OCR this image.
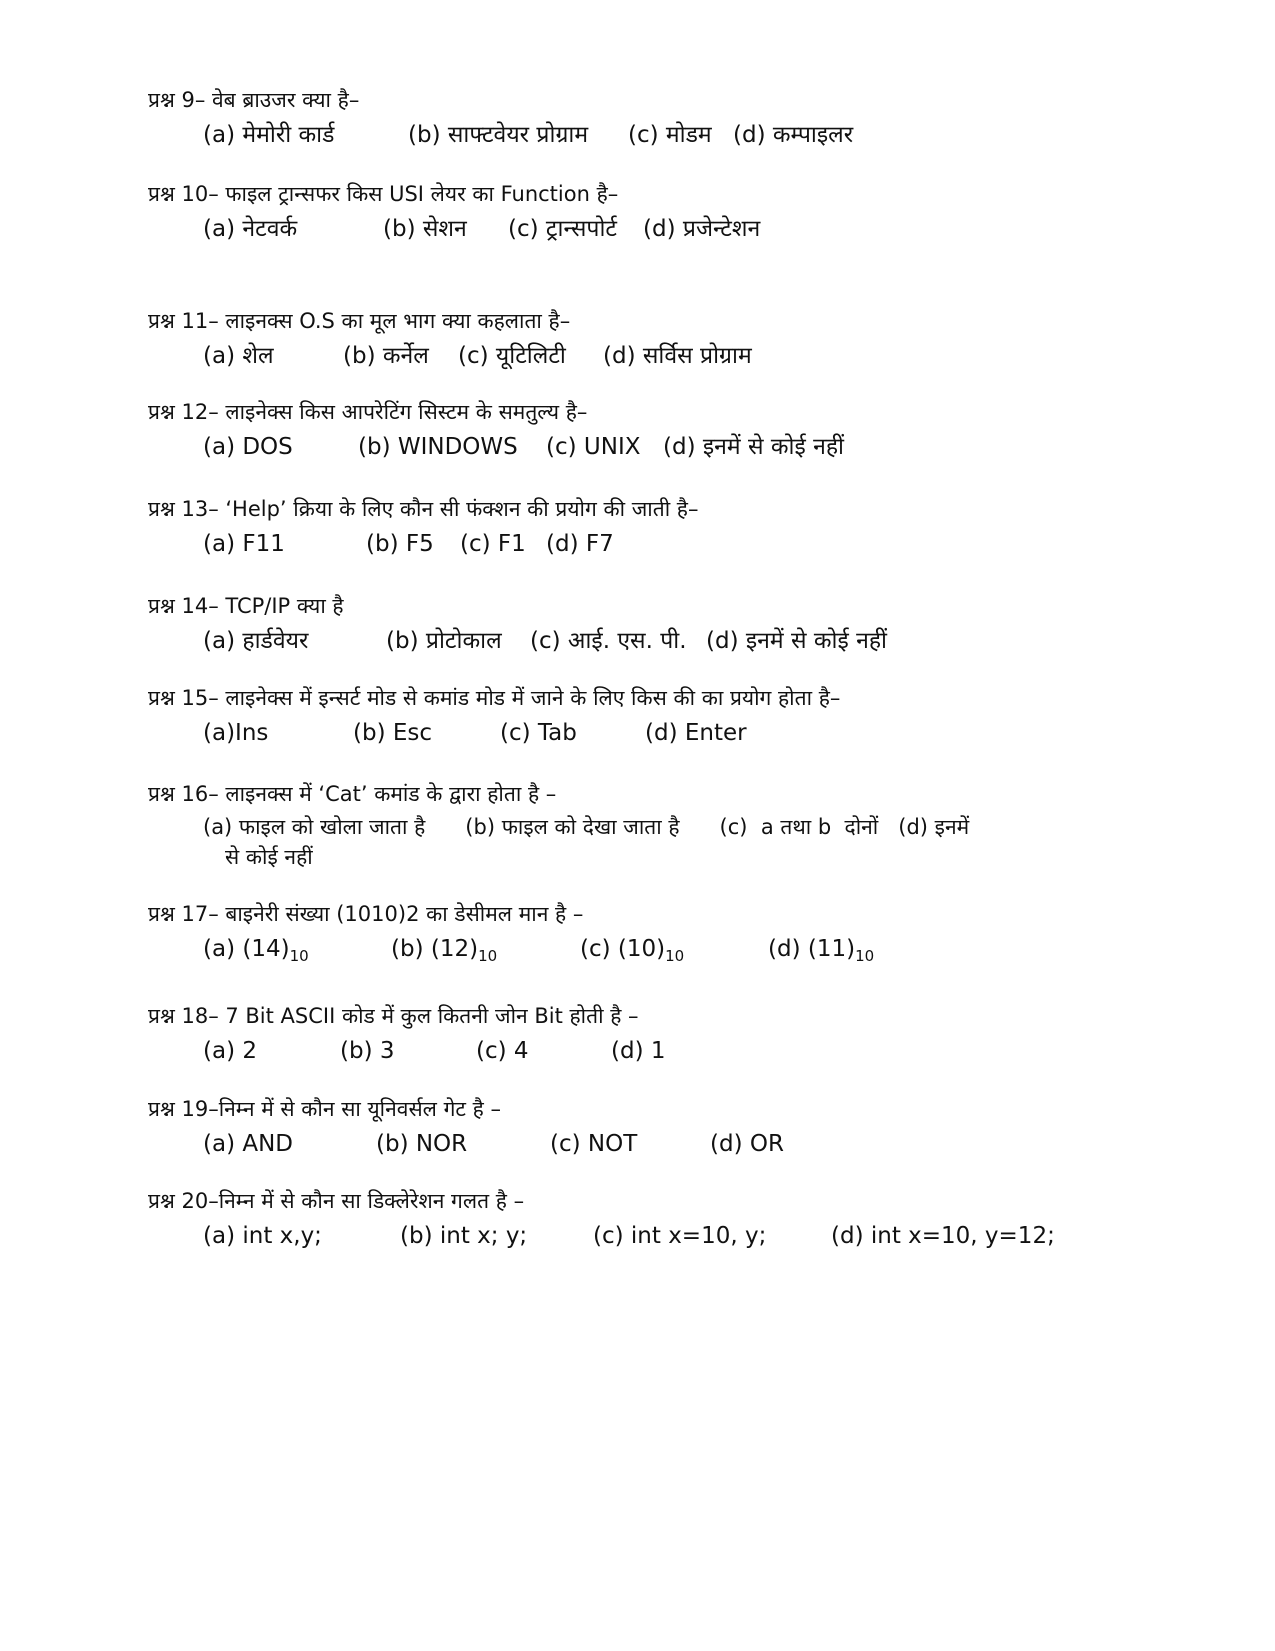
प्रश्न 9– वेब ब्राउजर क्या है–
(a) मेमोरी कार्ड	(b) साफ्टवेयर प्रोग्राम (c) मोडम (d) कम्पाइलर
प्रश्न 10– फाइल ट्रान्सफर किस USI लेयर का Function है–
(a) नेटवर्क	(b) सेशन (c) ट्रान्सपोर्ट (d) प्रजेन्टेशन
प्रश्न 11– लाइनक्स O.S का मूल भाग क्या कहलाता है–
(a) शेल	(b) कर्नेल (c) यूटिलिटी (d) सर्विस प्रोग्राम
प्रश्न 12– लाइनेक्स किस आपरेटिंग सिस्टम के समतुल्य है–
(a) DOS	(b) WINDOWS (c) UNIX (d) इनमें से कोई नहीं
प्रश्न 13– ‘Help’ क्रिया के लिए कौन सी फंक्शन की प्रयोग की जाती है–
(a) F11	(b) F5 (c) F1 (d) F7
प्रश्न 14– TCP/IP क्या है
(a) हार्डवेयर	(b) प्रोटोकाल (c) आई. एस. पी. (d) इनमें से कोई नहीं
प्रश्न 15– लाइनेक्स में इन्सर्ट मोड से कमांड मोड में जाने के लिए किस की का प्रयोग होता है–
(a)Ins	(b) Esc	(c) Tab	(d) Enter
प्रश्न 16– लाइनक्स में ‘Cat’ कमांड के द्वारा होता है –
(a) फाइल को खोला जाता है      (b) फाइल को देखा जाता है      (c)  a तथा b  दोनों   (d) इनमें
से कोई नहीं
प्रश्न 17– बाइनेरी संख्या (1010)2 का डेसीमल मान है –
(a) $(14)_{10}$	(b) $(12)_{10}$	(c) $(10)_{10}$	(d) $(11)_{10}$
प्रश्न 18– 7 Bit ASCII कोड में कुल कितनी जोन Bit होती है –
(a) 2	(b) 3	(c) 4	(d) 1
प्रश्न 19–निम्न में से कौन सा यूनिवर्सल गेट है –
(a) AND	(b) NOR	(c) NOT	(d) OR
प्रश्न 20–निम्न में से कौन सा डिक्लेरेशन गलत है –
(a) int x,y;	(b) int x; y;	(c) int x=10, y;	(d) int x=10, y=12;
